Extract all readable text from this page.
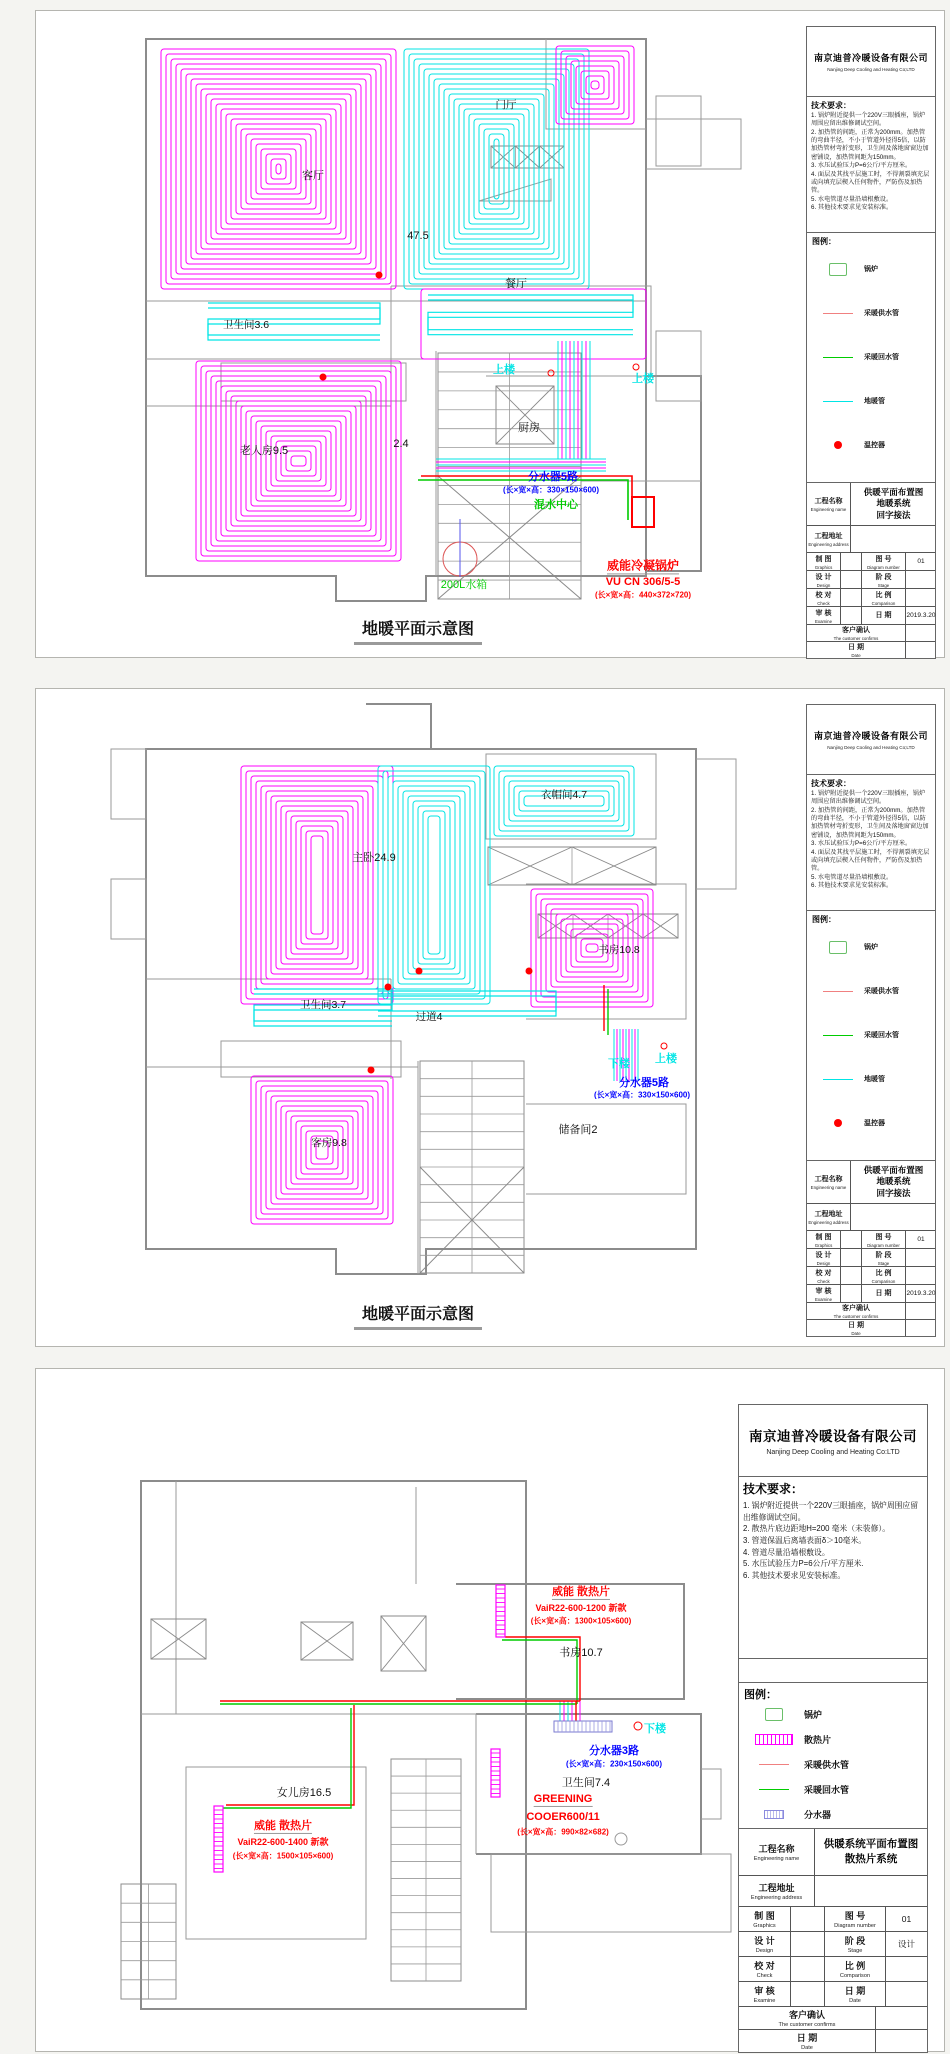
地暖平面示意图
南京迪普冷暖设备有限公司
Nanjing Deep Cooling and Heating Co;LTD
技术要求：
1. 锅炉附近提供一个220V三眼插座，锅炉周围应留出维修调试空间。
2. 加热管的间距，正常为200mm。加热管的弯曲半径，不小于管道外径得5倍，以防加热管材弯折变形，卫生间及落地窗窗边加密铺设，加热管间距为150mm。
3. 水压试验压力P=6公斤/平方厘米。
4. 面层及其找平层施工时，不得割裂填充层或向填充层楔入任何物件，严防伤及加热管。
5. 水电管道尽量沿墙根敷设。
6. 其他技术要求见安装标准。
图例：
锅炉
采暖供水管
采暖回水管
地暖管
温控器
工程名称
Engineering name
供暖平面布置图
地暖系统
回字接法
工程地址
Engineering address
制 图
Graphics
图 号
Diagram number
01
设 计
Design
阶 段
Stage
校 对
Check
比 例
Comparison
审 核
Examine
日 期 2019.3.20
客户确认
The customer confirms
日 期
Date
门厅
客厅
47.5
餐厅
卫生间3.6
老人房9.5
2.4
厨房
上楼
上楼
分水器5路
(长×宽×高：330×150×600)
混水中心
200L水箱
威能冷凝锅炉
VU CN 306/5-5
(长×宽×高：440×372×720)
地暖平面示意图
南京迪普冷暖设备有限公司
Nanjing Deep Cooling and Heating Co;LTD
技术要求：
1. 锅炉附近提供一个220V三眼插座，锅炉周围应留出维修调试空间。
2. 加热管的间距，正常为200mm。加热管的弯曲半径，不小于管道外径得5倍，以防加热管材弯折变形，卫生间及落地窗窗边加密铺设，加热管间距为150mm。
3. 水压试验压力P=6公斤/平方厘米。
4. 面层及其找平层施工时，不得割裂填充层或向填充层楔入任何物件，严防伤及加热管。
5. 水电管道尽量沿墙根敷设。
6. 其他技术要求见安装标准。
图例：
锅炉
采暖供水管
采暖回水管
地暖管
温控器
工程名称
Engineering name
供暖平面布置图
地暖系统
回字接法
工程地址
Engineering address
制 图
Graphics
图 号
Diagram number
01
设 计
Design
阶 段
Stage
校 对
Check
比 例
Comparison
审 核
Examine
日 期 2019.3.20
客户确认
The customer confirms
日 期
Date
主卧24.9
衣帽间4.7
书房10.8
卫生间3.7
过道4
客房9.8
储备间2
下楼 上楼
分水器5路
(长×宽×高：330×150×600)
南京迪普冷暖设备有限公司
Nanjing Deep Cooling and Heating Co:LTD
技术要求：
1. 锅炉附近提供一个220V三眼插座，锅炉周围应留出维修调试空间。
2. 散热片底边距地H=200 毫米（未装修）。
3. 管道保温后离墙表面δ＞10毫米。
4. 管道尽量沿墙根敷设。
5. 水压试验压力P=6公斤/平方厘米.
6. 其他技术要求见安装标准。
图例：
锅炉
散热片
采暖供水管
采暖回水管
分水器
工程名称
Engineering name
供暖系统平面布置图
散热片系统
工程地址
Engineering address
制 图
Graphics
图 号
Diagram number
01
设 计
Design
阶 段
Stage
设计
校 对
Check
比 例
Comparison
审 核
Examine
日 期
Date
客户确认
The customer confirms
日 期
Date
威能 散热片
VaiR22-600-1200 新款
(长×宽×高：1300×105×600)
书房10.7
女儿房16.5
威能 散热片
VaiR22-600-1400 新款
(长×宽×高：1500×105×600)
分水器3路
(长×宽×高：230×150×600)
卫生间7.4
GREENING
COOER600/11
(长×宽×高：990×82×682)
下楼
